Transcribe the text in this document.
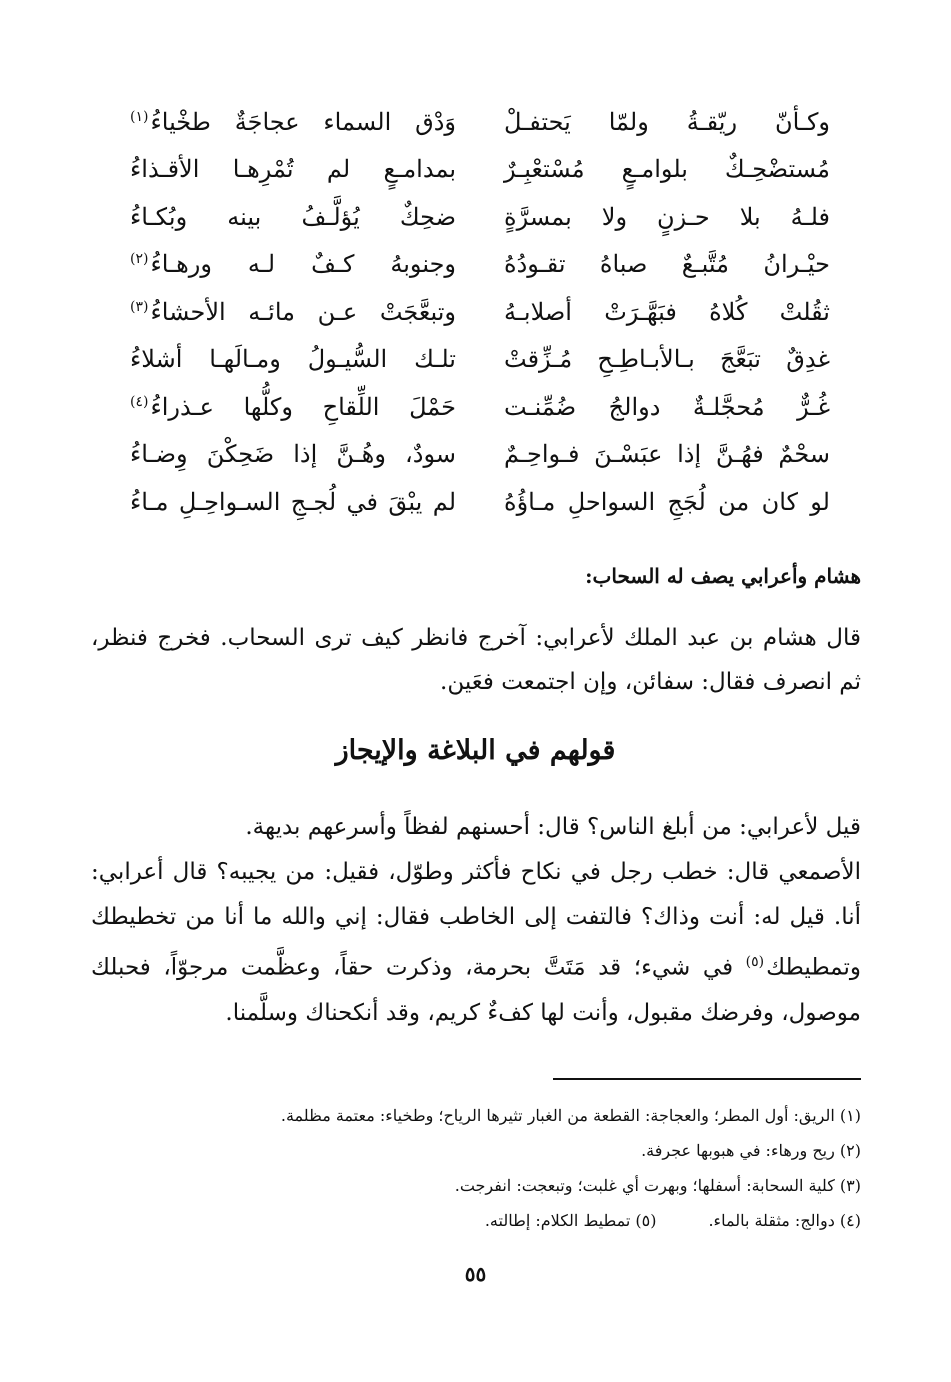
وكـأنّ ريّقـةُ ولمّا يَحتفـلْ
وَدْق السماء عجاجَةٌ طخْياءُ$^{(١)}$
مُستضْحِـكٌ بلوامـعٍ مُسْتعْبِـرٌ
بمدامـعٍ لم تُمْرِهـا الأقـذاءُ
فلـهُ بلا حـزنٍ ولا بمسرَّةٍ
ضحِكٌ يُؤلَّـفُ بينه وبُكـاءُ
حيْـرانُ مُتَّبـعٌ صباهُ تقـودُهُ
وجنوبهُ كـفٌ لـه ورهـاءُ$^{(٢)}$
ثقُلتْ كُلاهُ فبَهَّـرَتْ أصلابـهُ
وتبعَّجَتْ عـن مائـه الأحشاءُ$^{(٣)}$
غدِقٌ تبَعَّجَ بـالأبـاطِـحِ مُـزِّقتْ
تلـك السُّيـولُ ومـالَهـا أشلاءُ
غُـرٌّ مُحجَّلـةٌ دوالجُ ضُمِّنـت
حَمْلَ اللِّقاحِ وكلُّها عـذراءُ$^{(٤)}$
سحْمٌ فهُـنَّ إذا عبَسْـنَ فـواحِـمٌ
سودٌ، وهُـنَّ إذا ضَحِكْنَ وِضـاءُ
لو كان من لُجَجِ السواحلِ مـاؤُهُ
لم يبْقَ في لُجـجِ السـواحِـلِ مـاءُ
هشام وأعرابي يصف له السحاب:
قال هشام بن عبد الملك لأعرابي: آخرج فانظر كيف ترى السحاب. فخرج فنظر، ثم انصرف فقال: سفائن، وإن اجتمعت فعَين.
قولهم في البلاغة والإيجاز
قيل لأعرابي: من أبلغ الناس؟ قال: أحسنهم لفظاً وأسرعهم بديهة.
الأصمعي قال: خطب رجل في نكاح فأكثر وطوّل، فقيل: من يجيبه؟ قال أعرابي: أنا. قيل له: أنت وذاك؟ فالتفت إلى الخاطب فقال: إني والله ما أنا من تخطيطك وتمطيطك$^{(٥)}$ في شيء؛ قد مَتَتَّ بحرمة، وذكرت حقاً، وعظَّمت مرجوّاً، فحبلك موصول، وفرضك مقبول، وأنت لها كفءٌ كريم، وقد أنكحناك وسلَّمنا.
(١) الريق: أول المطر؛ والعجاجة: القطعة من الغبار تثيرها الرياح؛ وطخياء: معتمة مظلمة.
(٢) ريح ورهاء: في هبوبها عجرفة.
(٣) كلية السحابة: أسفلها؛ وبهرت أي غلبت؛ وتبعجت: انفرجت.
(٤) دوالج: مثقلة بالماء.
(٥) تمطيط الكلام: إطالته.
٥٥
